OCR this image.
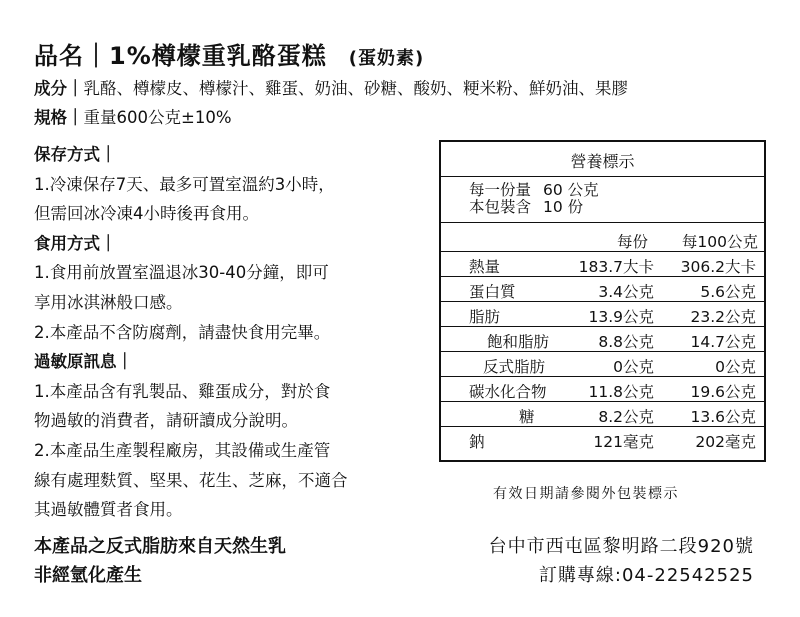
品名｜1%樽檬重乳酪蛋糕 (蛋奶素)
成分｜乳酪、樽檬皮、樽檬汁、雞蛋、奶油、砂糖、酸奶、粳米粉、鮮奶油、果膠
規格｜重量600公克±10%
保存方式｜
1.冷凍保存7天、最多可置室溫約3小時，
但需回冰冷凍4小時後再食用。
食用方式｜
1.食用前放置室溫退冰30-40分鐘，即可
享用冰淇淋般口感。
2.本產品不含防腐劑，請盡快食用完畢。
過敏原訊息｜
1.本產品含有乳製品、雞蛋成分，對於食
物過敏的消費者，請研讀成分說明。
2.本產品生產製程廠房，其設備或生產管
線有處理麩質、堅果、花生、芝麻，不適合
其過敏體質者食用。
營養標示
每一份量 60 公克
本包裝含 10 份
每份 每100公克
熱量	183.7大卡 306.2大卡
蛋白質	3.4公克	5.6公克
脂肪	13.9公克 23.2公克
飽和脂肪	8.8公克 14.7公克
反式脂肪	0公克	0公克
碳水化合物	11.8公克 19.6公克
糖	8.2公克 13.6公克
鈉	121毫克	202毫克
有效日期請參閱外包裝標示
本產品之反式脂肪來自天然生乳
非經氫化產生
台中市西屯區黎明路二段920號
訂購專線:04-22542525
